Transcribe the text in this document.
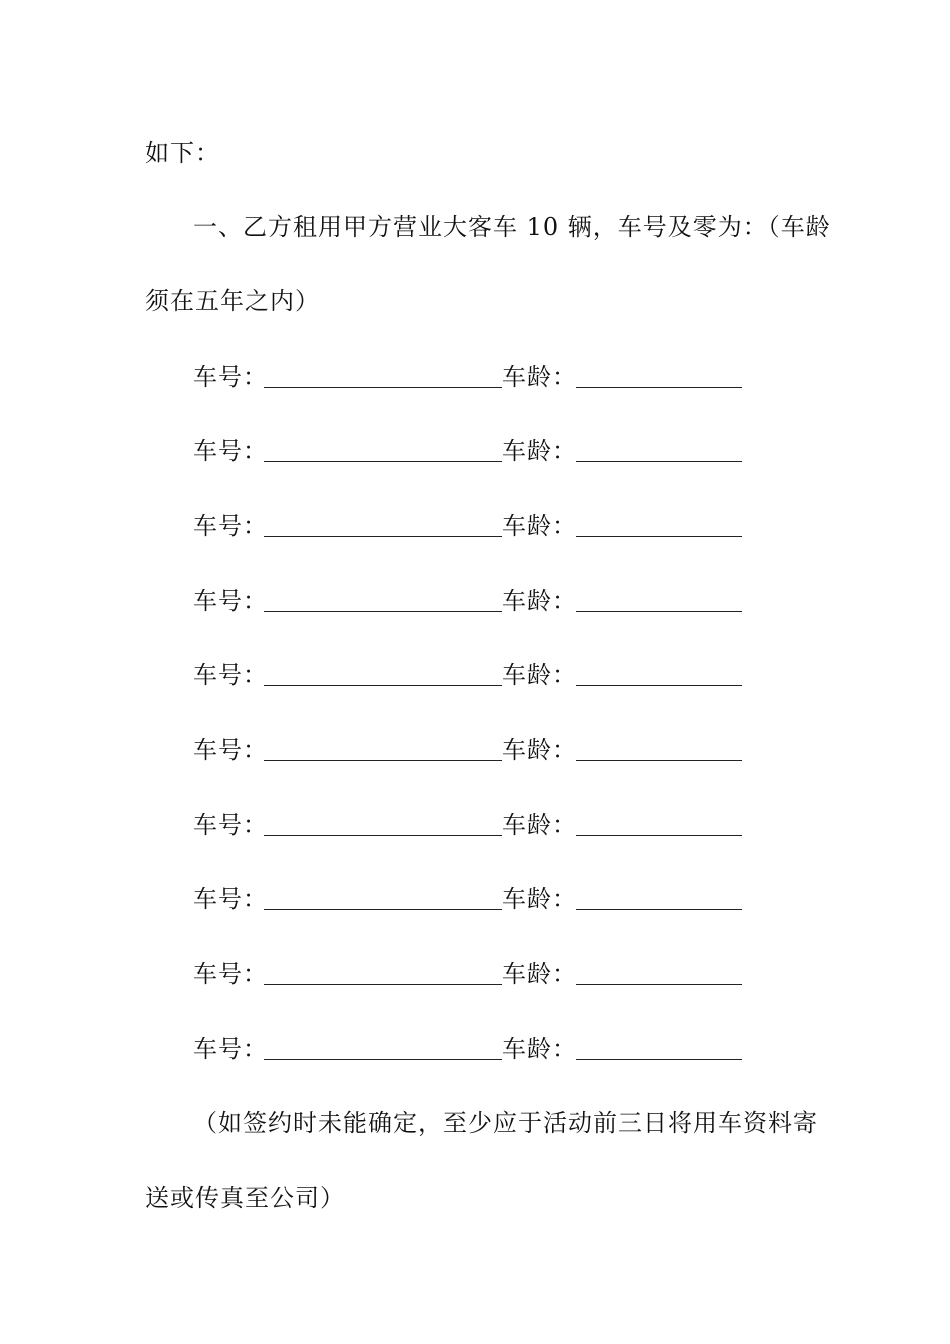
如下：
一、乙方租用甲方营业大客车 10 辆，车号及零为：（车龄
须在五年之内）
车号：	车龄：
车号：	车龄：
车号：	车龄：
车号：	车龄：
车号：	车龄：
车号：	车龄：
车号：	车龄：
车号：	车龄：
车号：	车龄：
车号：	车龄：
（如签约时未能确定，至少应于活动前三日将用车资料寄
送或传真至公司）
